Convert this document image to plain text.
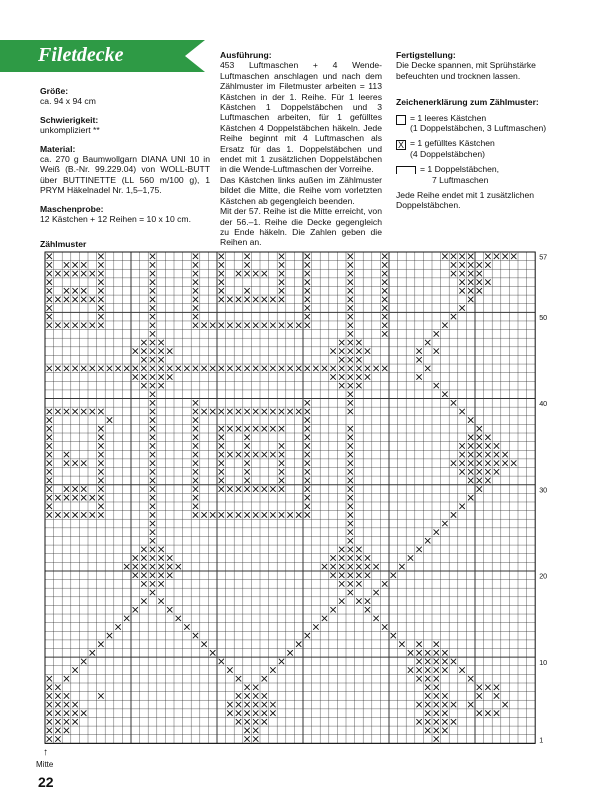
Filetdecke
Größe:
ca. 94 x 94 cm
Schwierigkeit:
unkompliziert **
Material:
ca. 270 g Baumwollgarn DIANA UNI 10 in Weiß (B.-Nr. 99.229.04) von WOLL-BUTT über BUTTINETTE (LL 560 m/100 g), 1 PRYM Häkelnadel Nr. 1,5–1,75.
Maschenprobe:
12 Kästchen + 12 Reihen = 10 x 10 cm.
Ausführung:
453 Luftmaschen + 4 Wende- Luftmaschen anschlagen und nach dem Zählmuster im Filetmuster arbeiten = 113 Kästchen in der 1. Reihe. Für 1 leeres Kästchen 1 Doppelstäbchen und 3 Luftmaschen arbeiten, für 1 gefülltes Kästchen 4 Doppelstäbchen häkeln. Jede Reihe beginnt mit 4 Luftmaschen als Ersatz für das 1. Doppelstäbchen und endet mit 1 zusätzlichen Doppelstäbchen in die Wende-Luftmaschen der Vorreihe.
Das Kästchen links außen im Zählmuster bildet die Mitte, die Reihe vom vorletzten Kästchen ab gegengleich beenden.
Mit der 57. Reihe ist die Mitte erreicht, von der 56.–1. Reihe die Decke gegengleich zu Ende häkeln. Die Zahlen geben die Reihen an.
Fertigstellung:
Die Decke spannen, mit Sprühstärke befeuchten und trocknen lassen.
Zeichenerklärung zum Zählmuster:
= 1 leeres Kästchen
(1 Doppelstäbchen, 3 Luftmaschen)
X = 1 gefülltes Kästchen
(4 Doppelstäbchen)
= 1 Doppelstäbchen,
7 Luftmaschen
Jede Reihe endet mit 1 zusätzlichen Doppelstäbchen.
Zählmuster
57
50
40
30
20
10
1
↑
Mitte
22
